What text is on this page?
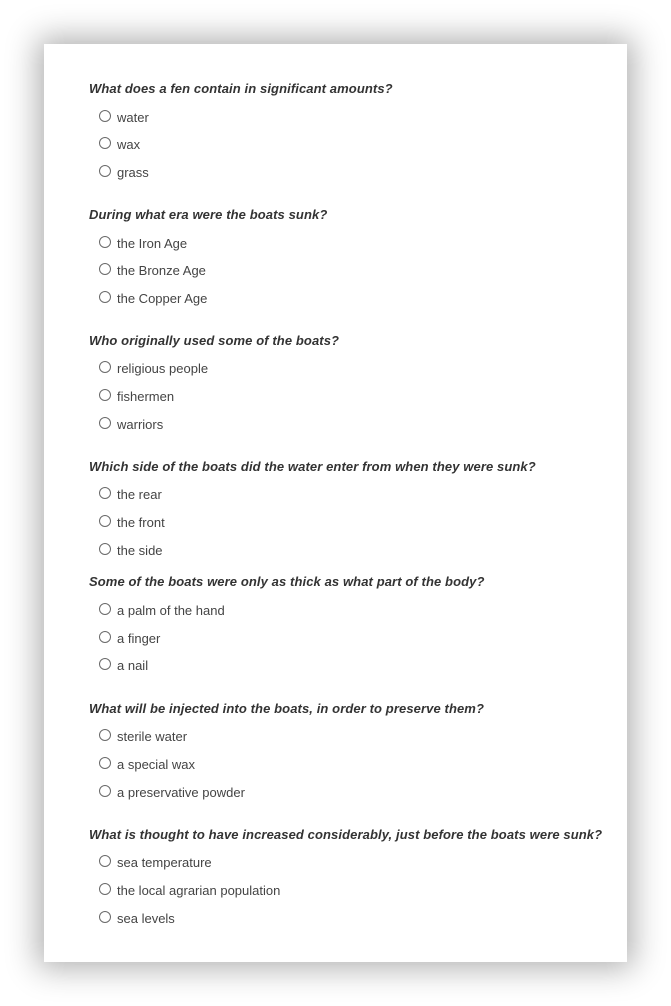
What does a fen contain in significant amounts?

water
wax
grass

During what era were the boats sunk?

the Iron Age
the Bronze Age
the Copper Age

Who originally used some of the boats?

religious people
fishermen
warriors

Which side of the boats did the water enter from when they were sunk?

the rear
the front
the side

Some of the boats were only as thick as what part of the body?

a palm of the hand
a finger
a nail

What will be injected into the boats, in order to preserve them?

sterile water
a special wax
a preservative powder

What is thought to have increased considerably, just before the boats were sunk?

sea temperature
the local agrarian population
sea levels
